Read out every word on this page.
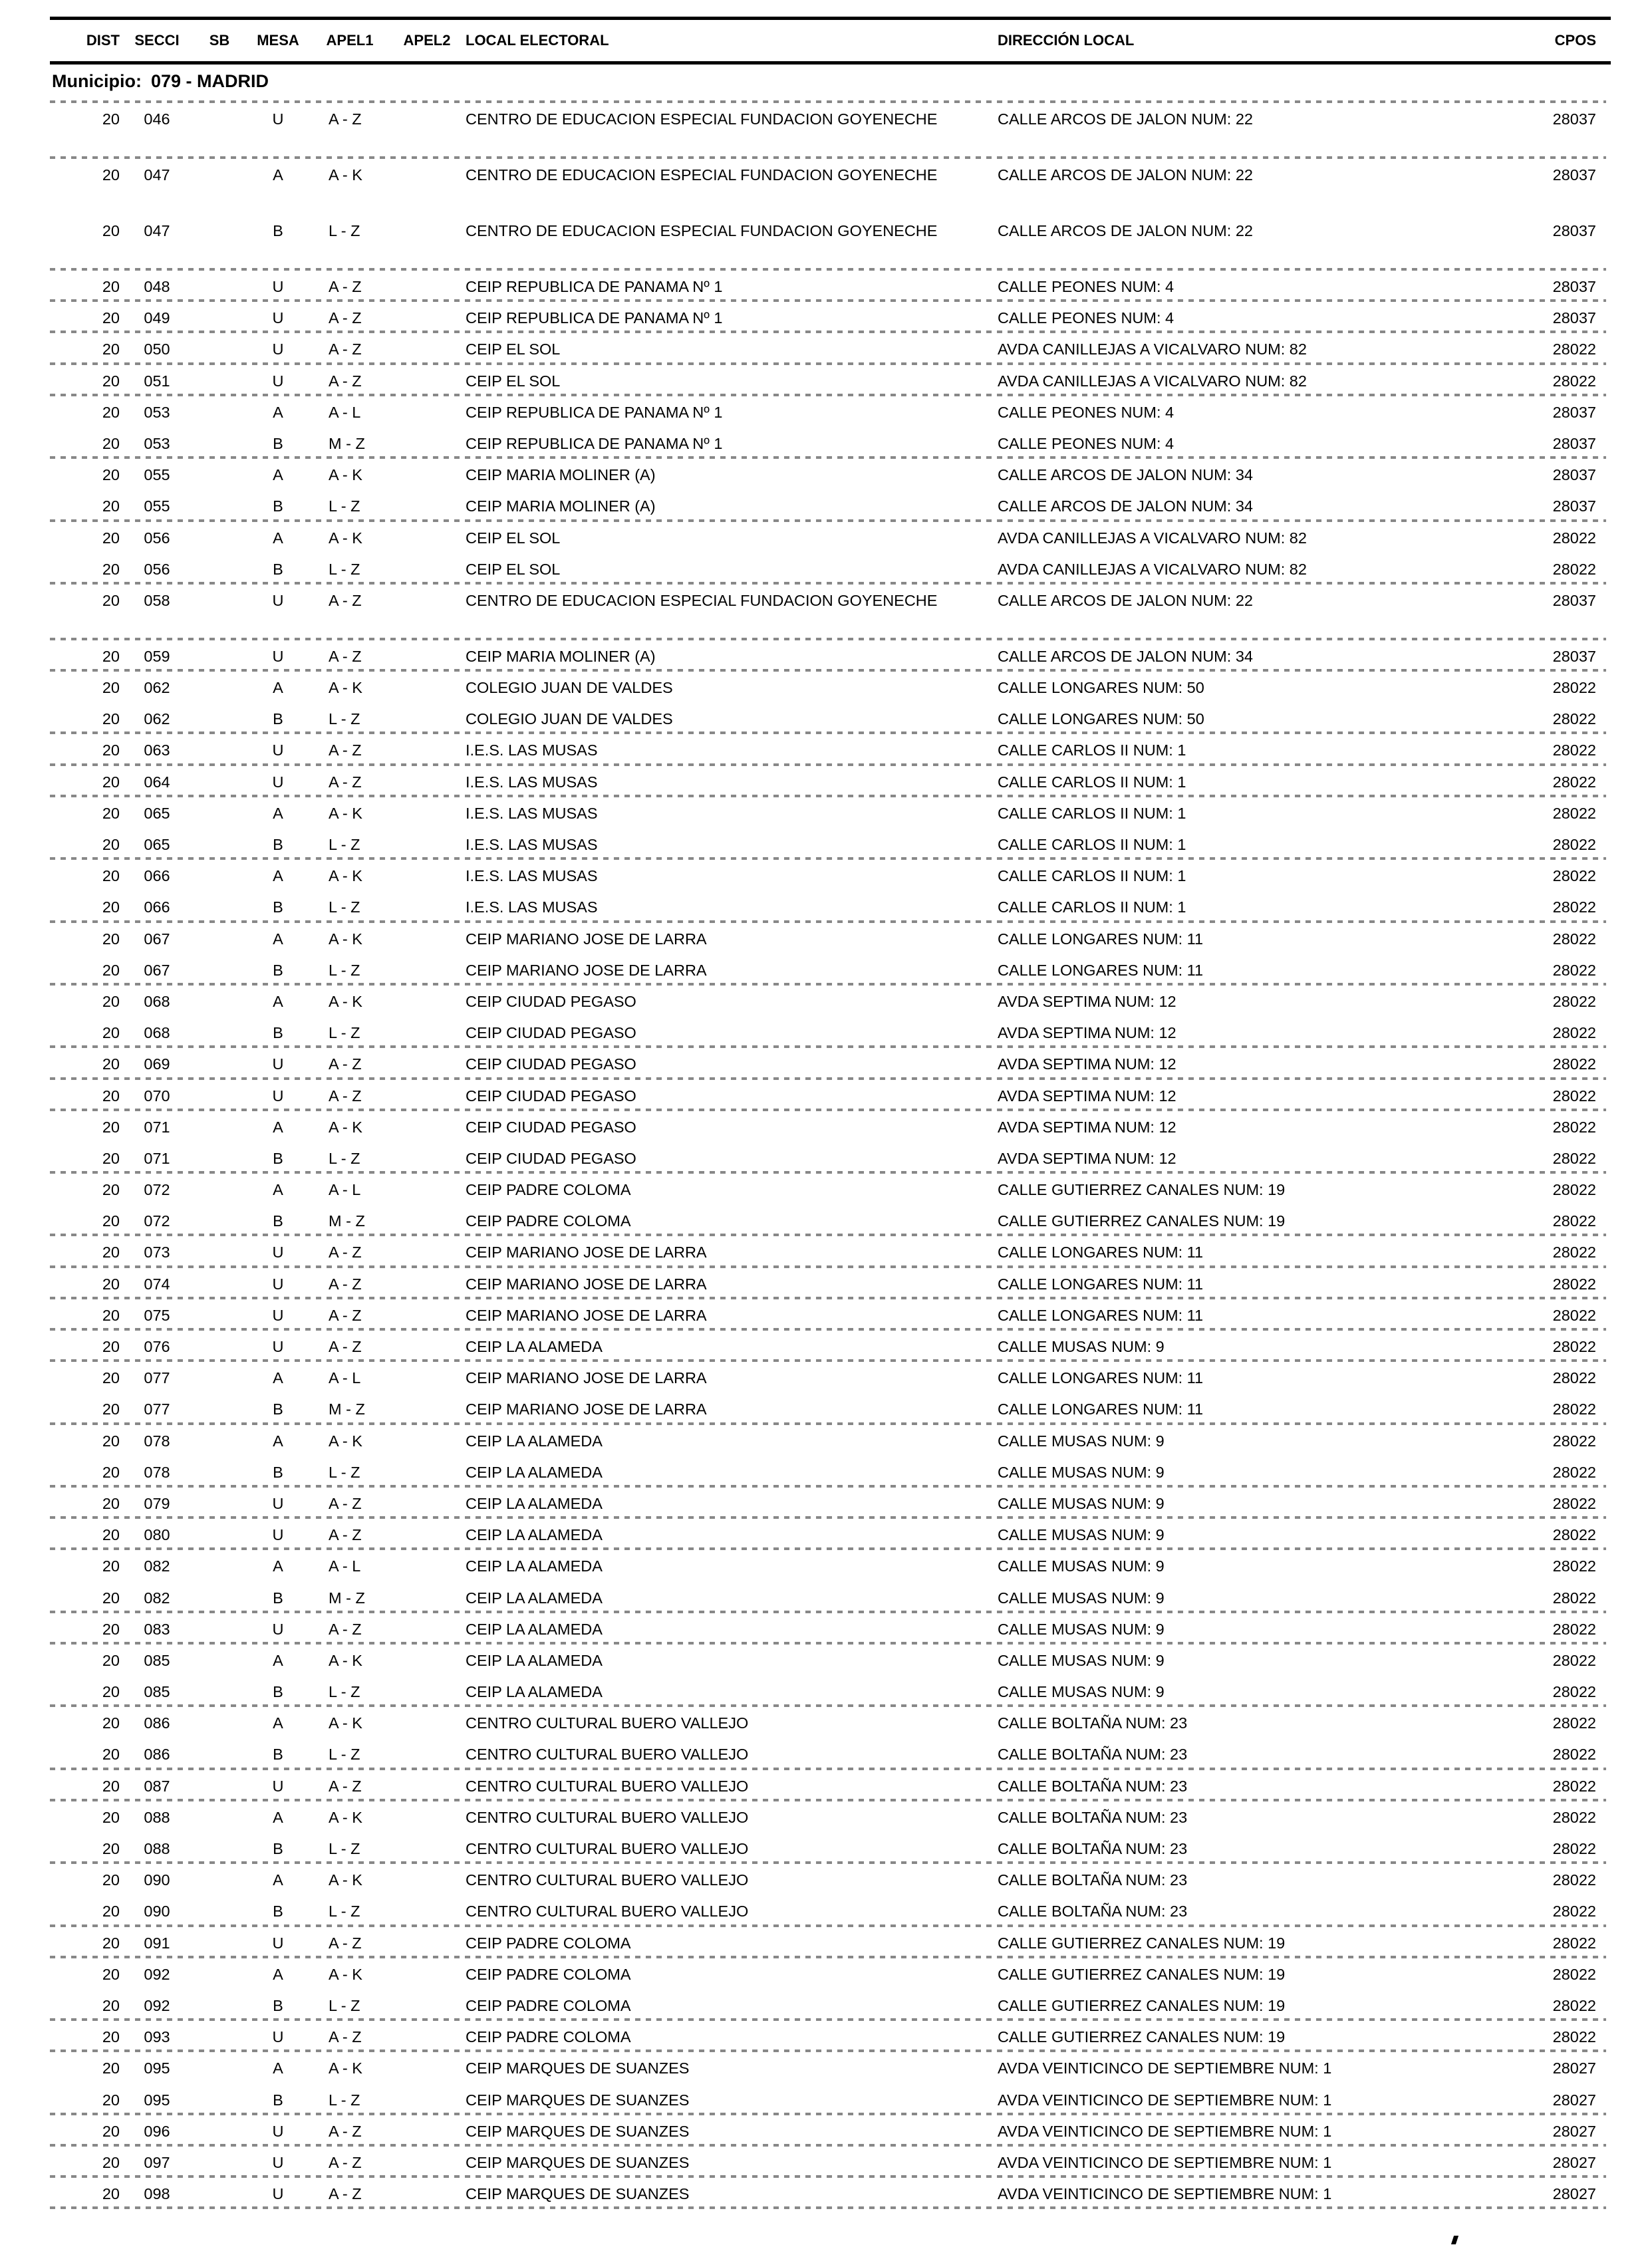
DIST	SECCI	SB	MESA	APEL1	APEL2	LOCAL ELECTORAL	DIRECCIÓN LOCAL	CPOS
Municipio: 079 - MADRID
20	046	U	A - Z	CENTRO DE EDUCACION ESPECIAL FUNDACION GOYENECHE	CALLE ARCOS DE JALON NUM: 22	28037
20	047	A	A - K	CENTRO DE EDUCACION ESPECIAL FUNDACION GOYENECHE	CALLE ARCOS DE JALON NUM: 22	28037
20	047	B	L - Z	CENTRO DE EDUCACION ESPECIAL FUNDACION GOYENECHE	CALLE ARCOS DE JALON NUM: 22	28037
20	048	U	A - Z	CEIP REPUBLICA DE PANAMA Nº 1	CALLE PEONES NUM: 4	28037
20	049	U	A - Z	CEIP REPUBLICA DE PANAMA Nº 1	CALLE PEONES NUM: 4	28037
20	050	U	A - Z	CEIP EL SOL	AVDA CANILLEJAS A VICALVARO NUM: 82	28022
20	051	U	A - Z	CEIP EL SOL	AVDA CANILLEJAS A VICALVARO NUM: 82	28022
20	053	A	A - L	CEIP REPUBLICA DE PANAMA Nº 1	CALLE PEONES NUM: 4	28037
20	053	B	M - Z	CEIP REPUBLICA DE PANAMA Nº 1	CALLE PEONES NUM: 4	28037
20	055	A	A - K	CEIP MARIA MOLINER (A)	CALLE ARCOS DE JALON NUM: 34	28037
20	055	B	L - Z	CEIP MARIA MOLINER (A)	CALLE ARCOS DE JALON NUM: 34	28037
20	056	A	A - K	CEIP EL SOL	AVDA CANILLEJAS A VICALVARO NUM: 82	28022
20	056	B	L - Z	CEIP EL SOL	AVDA CANILLEJAS A VICALVARO NUM: 82	28022
20	058	U	A - Z	CENTRO DE EDUCACION ESPECIAL FUNDACION GOYENECHE	CALLE ARCOS DE JALON NUM: 22	28037
20	059	U	A - Z	CEIP MARIA MOLINER (A)	CALLE ARCOS DE JALON NUM: 34	28037
20	062	A	A - K	COLEGIO JUAN DE VALDES	CALLE LONGARES NUM: 50	28022
20	062	B	L - Z	COLEGIO JUAN DE VALDES	CALLE LONGARES NUM: 50	28022
20	063	U	A - Z	I.E.S. LAS MUSAS	CALLE CARLOS II NUM: 1	28022
20	064	U	A - Z	I.E.S. LAS MUSAS	CALLE CARLOS II NUM: 1	28022
20	065	A	A - K	I.E.S. LAS MUSAS	CALLE CARLOS II NUM: 1	28022
20	065	B	L - Z	I.E.S. LAS MUSAS	CALLE CARLOS II NUM: 1	28022
20	066	A	A - K	I.E.S. LAS MUSAS	CALLE CARLOS II NUM: 1	28022
20	066	B	L - Z	I.E.S. LAS MUSAS	CALLE CARLOS II NUM: 1	28022
20	067	A	A - K	CEIP MARIANO JOSE DE LARRA	CALLE LONGARES NUM: 11	28022
20	067	B	L - Z	CEIP MARIANO JOSE DE LARRA	CALLE LONGARES NUM: 11	28022
20	068	A	A - K	CEIP CIUDAD PEGASO	AVDA SEPTIMA NUM: 12	28022
20	068	B	L - Z	CEIP CIUDAD PEGASO	AVDA SEPTIMA NUM: 12	28022
20	069	U	A - Z	CEIP CIUDAD PEGASO	AVDA SEPTIMA NUM: 12	28022
20	070	U	A - Z	CEIP CIUDAD PEGASO	AVDA SEPTIMA NUM: 12	28022
20	071	A	A - K	CEIP CIUDAD PEGASO	AVDA SEPTIMA NUM: 12	28022
20	071	B	L - Z	CEIP CIUDAD PEGASO	AVDA SEPTIMA NUM: 12	28022
20	072	A	A - L	CEIP PADRE COLOMA	CALLE GUTIERREZ CANALES NUM: 19	28022
20	072	B	M - Z	CEIP PADRE COLOMA	CALLE GUTIERREZ CANALES NUM: 19	28022
20	073	U	A - Z	CEIP MARIANO JOSE DE LARRA	CALLE LONGARES NUM: 11	28022
20	074	U	A - Z	CEIP MARIANO JOSE DE LARRA	CALLE LONGARES NUM: 11	28022
20	075	U	A - Z	CEIP MARIANO JOSE DE LARRA	CALLE LONGARES NUM: 11	28022
20	076	U	A - Z	CEIP LA ALAMEDA	CALLE MUSAS NUM: 9	28022
20	077	A	A - L	CEIP MARIANO JOSE DE LARRA	CALLE LONGARES NUM: 11	28022
20	077	B	M - Z	CEIP MARIANO JOSE DE LARRA	CALLE LONGARES NUM: 11	28022
20	078	A	A - K	CEIP LA ALAMEDA	CALLE MUSAS NUM: 9	28022
20	078	B	L - Z	CEIP LA ALAMEDA	CALLE MUSAS NUM: 9	28022
20	079	U	A - Z	CEIP LA ALAMEDA	CALLE MUSAS NUM: 9	28022
20	080	U	A - Z	CEIP LA ALAMEDA	CALLE MUSAS NUM: 9	28022
20	082	A	A - L	CEIP LA ALAMEDA	CALLE MUSAS NUM: 9	28022
20	082	B	M - Z	CEIP LA ALAMEDA	CALLE MUSAS NUM: 9	28022
20	083	U	A - Z	CEIP LA ALAMEDA	CALLE MUSAS NUM: 9	28022
20	085	A	A - K	CEIP LA ALAMEDA	CALLE MUSAS NUM: 9	28022
20	085	B	L - Z	CEIP LA ALAMEDA	CALLE MUSAS NUM: 9	28022
20	086	A	A - K	CENTRO CULTURAL BUERO VALLEJO	CALLE BOLTAÑA NUM: 23	28022
20	086	B	L - Z	CENTRO CULTURAL BUERO VALLEJO	CALLE BOLTAÑA NUM: 23	28022
20	087	U	A - Z	CENTRO CULTURAL BUERO VALLEJO	CALLE BOLTAÑA NUM: 23	28022
20	088	A	A - K	CENTRO CULTURAL BUERO VALLEJO	CALLE BOLTAÑA NUM: 23	28022
20	088	B	L - Z	CENTRO CULTURAL BUERO VALLEJO	CALLE BOLTAÑA NUM: 23	28022
20	090	A	A - K	CENTRO CULTURAL BUERO VALLEJO	CALLE BOLTAÑA NUM: 23	28022
20	090	B	L - Z	CENTRO CULTURAL BUERO VALLEJO	CALLE BOLTAÑA NUM: 23	28022
20	091	U	A - Z	CEIP PADRE COLOMA	CALLE GUTIERREZ CANALES NUM: 19	28022
20	092	A	A - K	CEIP PADRE COLOMA	CALLE GUTIERREZ CANALES NUM: 19	28022
20	092	B	L - Z	CEIP PADRE COLOMA	CALLE GUTIERREZ CANALES NUM: 19	28022
20	093	U	A - Z	CEIP PADRE COLOMA	CALLE GUTIERREZ CANALES NUM: 19	28022
20	095	A	A - K	CEIP MARQUES DE SUANZES	AVDA VEINTICINCO DE SEPTIEMBRE NUM: 1	28027
20	095	B	L - Z	CEIP MARQUES DE SUANZES	AVDA VEINTICINCO DE SEPTIEMBRE NUM: 1	28027
20	096	U	A - Z	CEIP MARQUES DE SUANZES	AVDA VEINTICINCO DE SEPTIEMBRE NUM: 1	28027
20	097	U	A - Z	CEIP MARQUES DE SUANZES	AVDA VEINTICINCO DE SEPTIEMBRE NUM: 1	28027
20	098	U	A - Z	CEIP MARQUES DE SUANZES	AVDA VEINTICINCO DE SEPTIEMBRE NUM: 1	28027
